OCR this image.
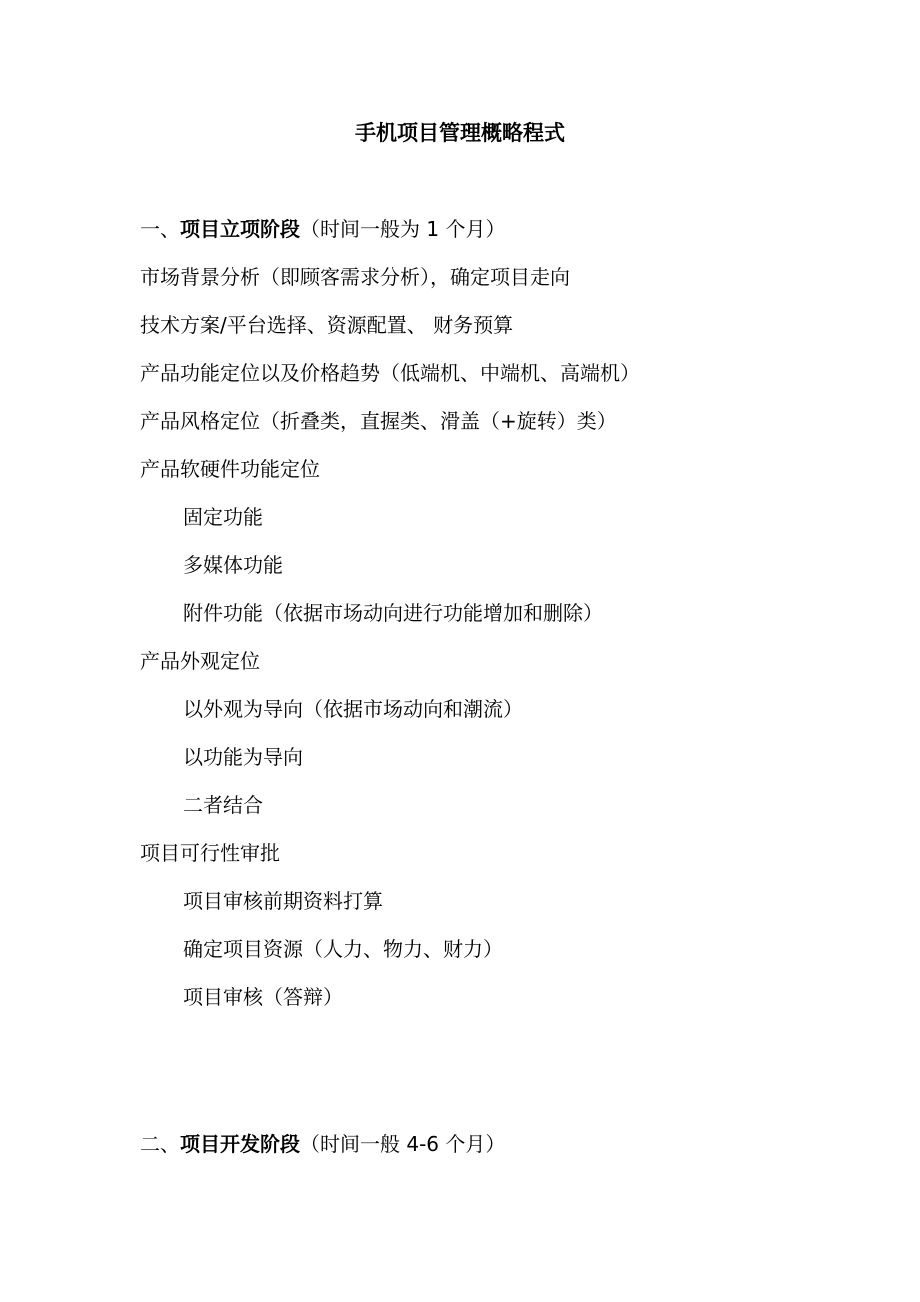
手机项目管理概略程式
一、项目立项阶段（时间一般为 1 个月）
市场背景分析（即顾客需求分析），确定项目走向
技术方案/平台选择、资源配置、 财务预算
产品功能定位以及价格趋势（低端机、中端机、高端机）
产品风格定位（折叠类，直握类、滑盖（+旋转）类）
产品软硬件功能定位
固定功能
多媒体功能
附件功能（依据市场动向进行功能增加和删除）
产品外观定位
以外观为导向（依据市场动向和潮流）
以功能为导向
二者结合
项目可行性审批
项目审核前期资料打算
确定项目资源（人力、物力、财力）
项目审核（答辩）
二、项目开发阶段（时间一般 4-6 个月）
